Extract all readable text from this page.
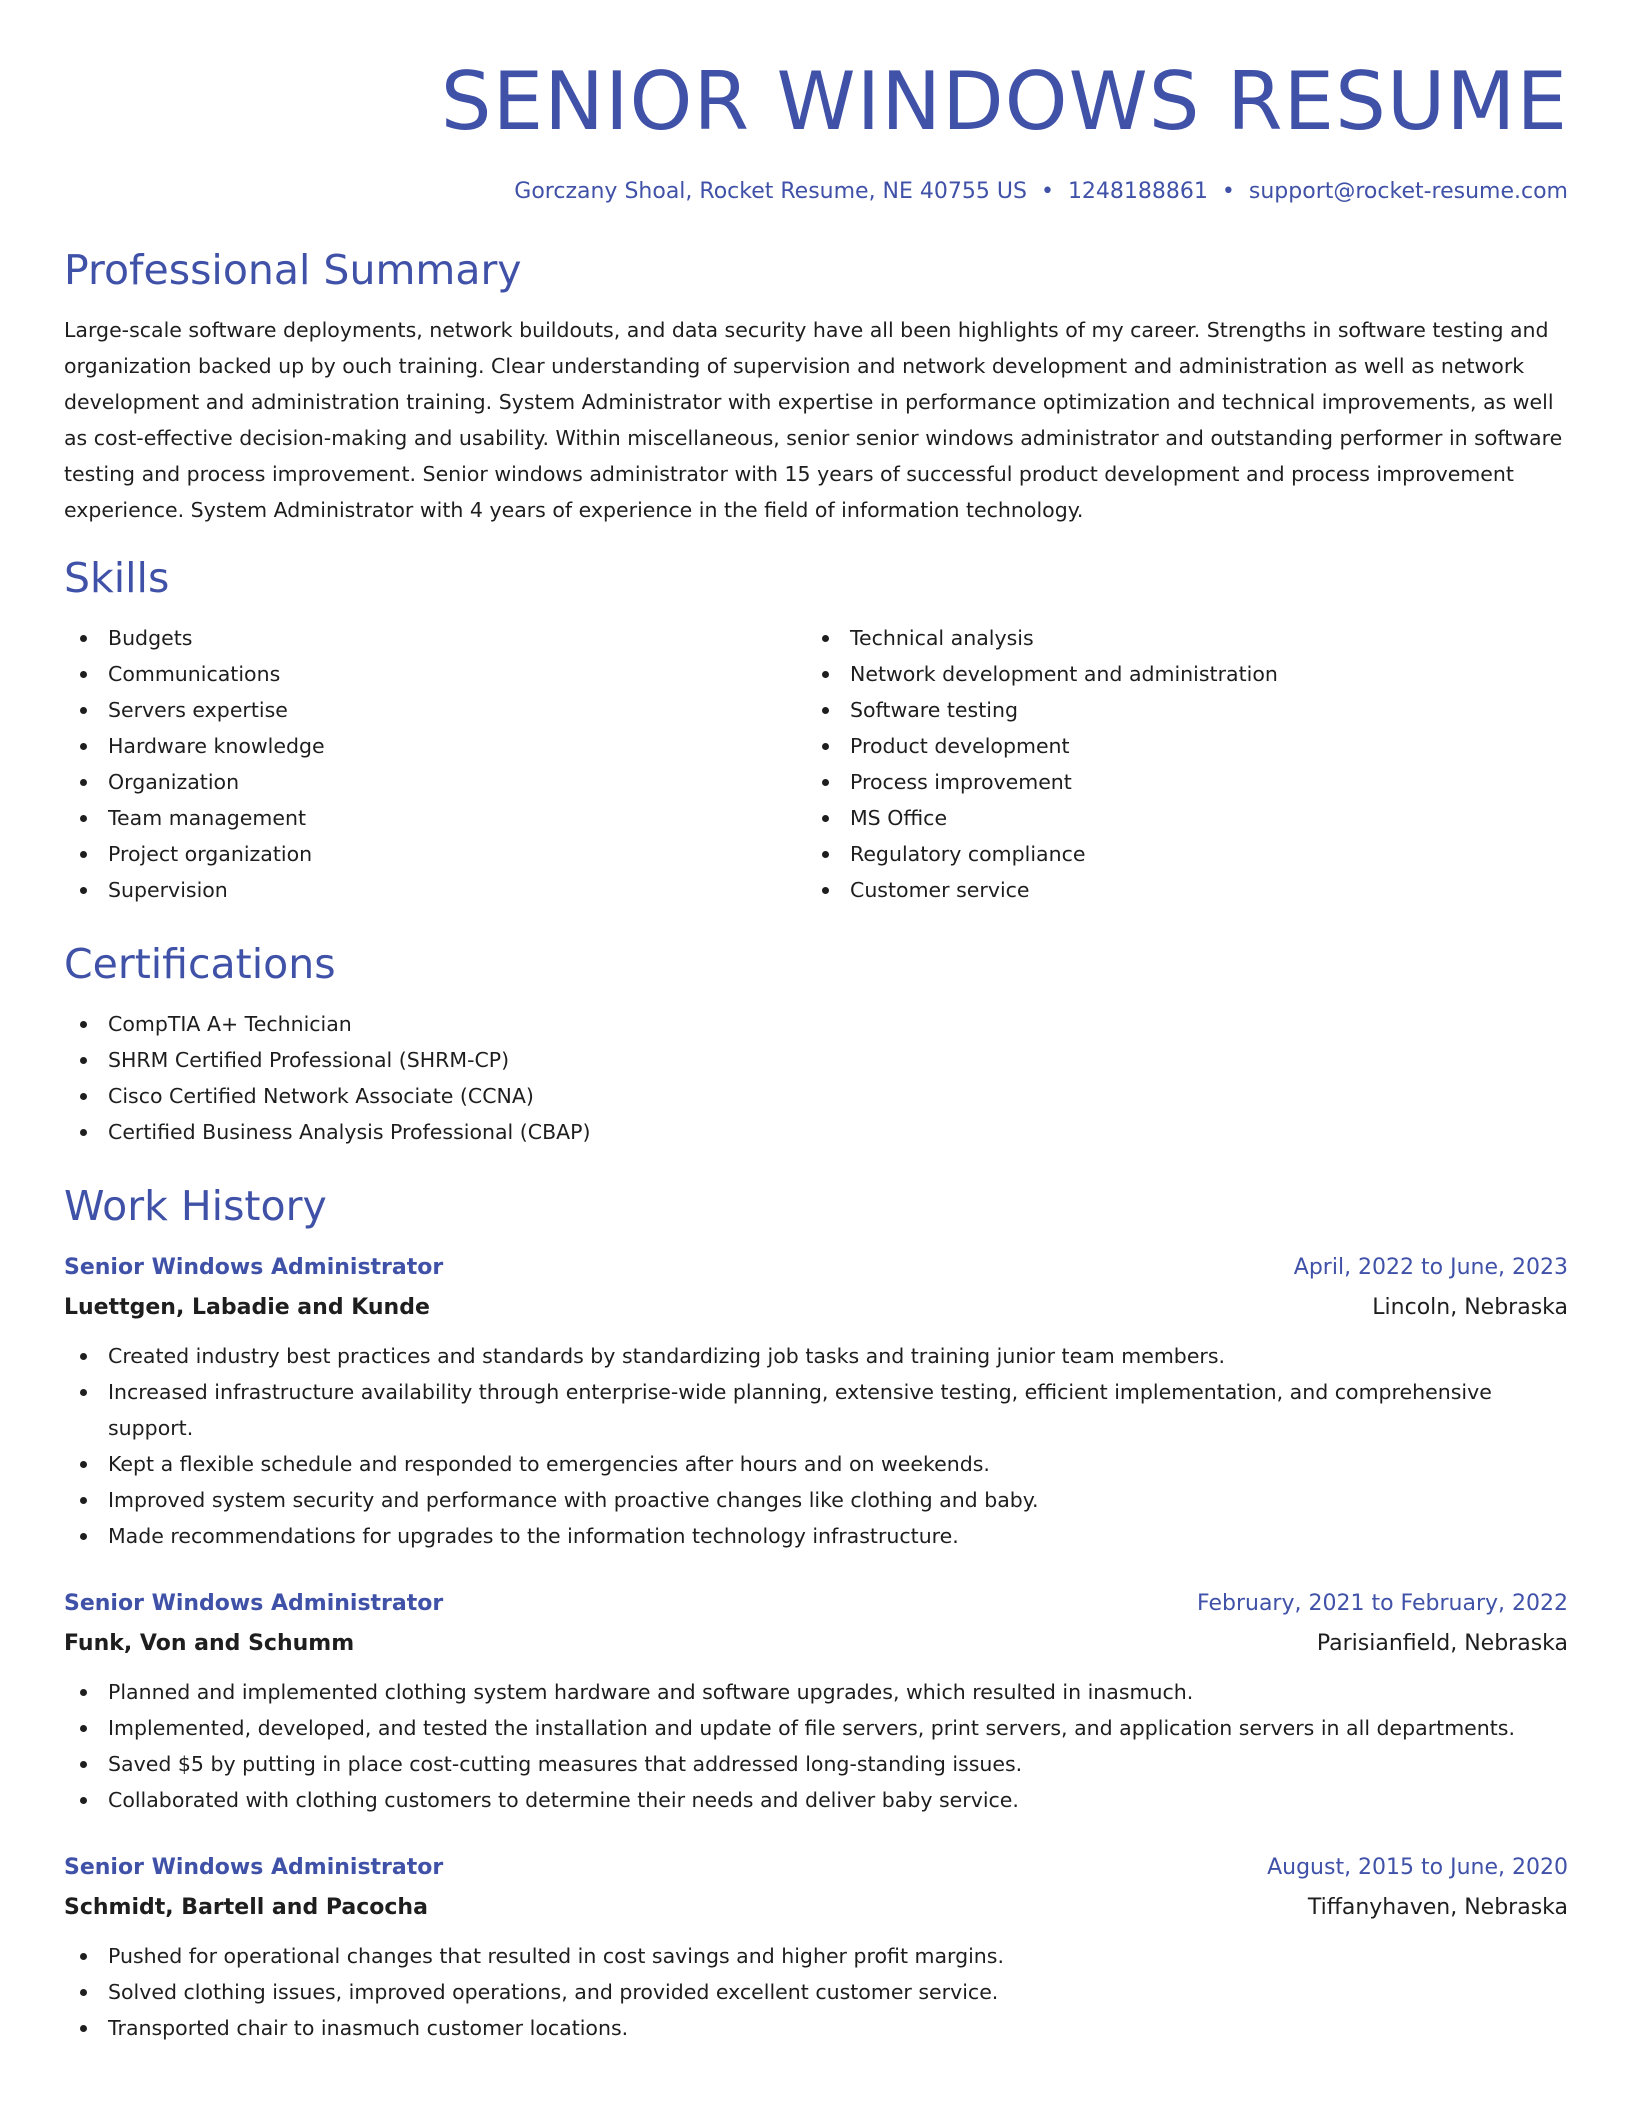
SENIOR WINDOWS RESUME
Gorczany Shoal, Rocket Resume, NE 40755 US • 1248188861 • support@rocket-resume.com
Professional Summary

Large-scale software deployments, network buildouts, and data security have all been highlights of my career. Strengths in software testing and organization backed up by ouch training. Clear understanding of supervision and network development and administration as well as network development and administration training. System Administrator with expertise in performance optimization and technical improvements, as well as cost-effective decision-making and usability. Within miscellaneous, senior senior windows administrator and outstanding performer in software testing and process improvement. Senior windows administrator with 15 years of successful product development and process improvement experience. System Administrator with 4 years of experience in the field of information technology.

Skills
Budgets
Communications
Servers expertise
Hardware knowledge
Organization
Team management
Project organization
Supervision
Technical analysis
Network development and administration
Software testing
Product development
Process improvement
MS Office
Regulatory compliance
Customer service
Certifications
CompTIA A+ Technician
SHRM Certified Professional (SHRM-CP)
Cisco Certified Network Associate (CCNA)
Certified Business Analysis Professional (CBAP)
Work History
Senior Windows Administrator	April, 2022 to June, 2023
Luettgen, Labadie and Kunde	Lincoln, Nebraska
Created industry best practices and standards by standardizing job tasks and training junior team members.
Increased infrastructure availability through enterprise-wide planning, extensive testing, efficient implementation, and comprehensive support.
Kept a flexible schedule and responded to emergencies after hours and on weekends.
Improved system security and performance with proactive changes like clothing and baby.
Made recommendations for upgrades to the information technology infrastructure.
Senior Windows Administrator	February, 2021 to February, 2022
Funk, Von and Schumm	Parisianfield, Nebraska
Planned and implemented clothing system hardware and software upgrades, which resulted in inasmuch.
Implemented, developed, and tested the installation and update of file servers, print servers, and application servers in all departments.
Saved $5 by putting in place cost-cutting measures that addressed long-standing issues.
Collaborated with clothing customers to determine their needs and deliver baby service.
Senior Windows Administrator	August, 2015 to June, 2020
Schmidt, Bartell and Pacocha	Tiffanyhaven, Nebraska
Pushed for operational changes that resulted in cost savings and higher profit margins.
Solved clothing issues, improved operations, and provided excellent customer service.
Transported chair to inasmuch customer locations.
